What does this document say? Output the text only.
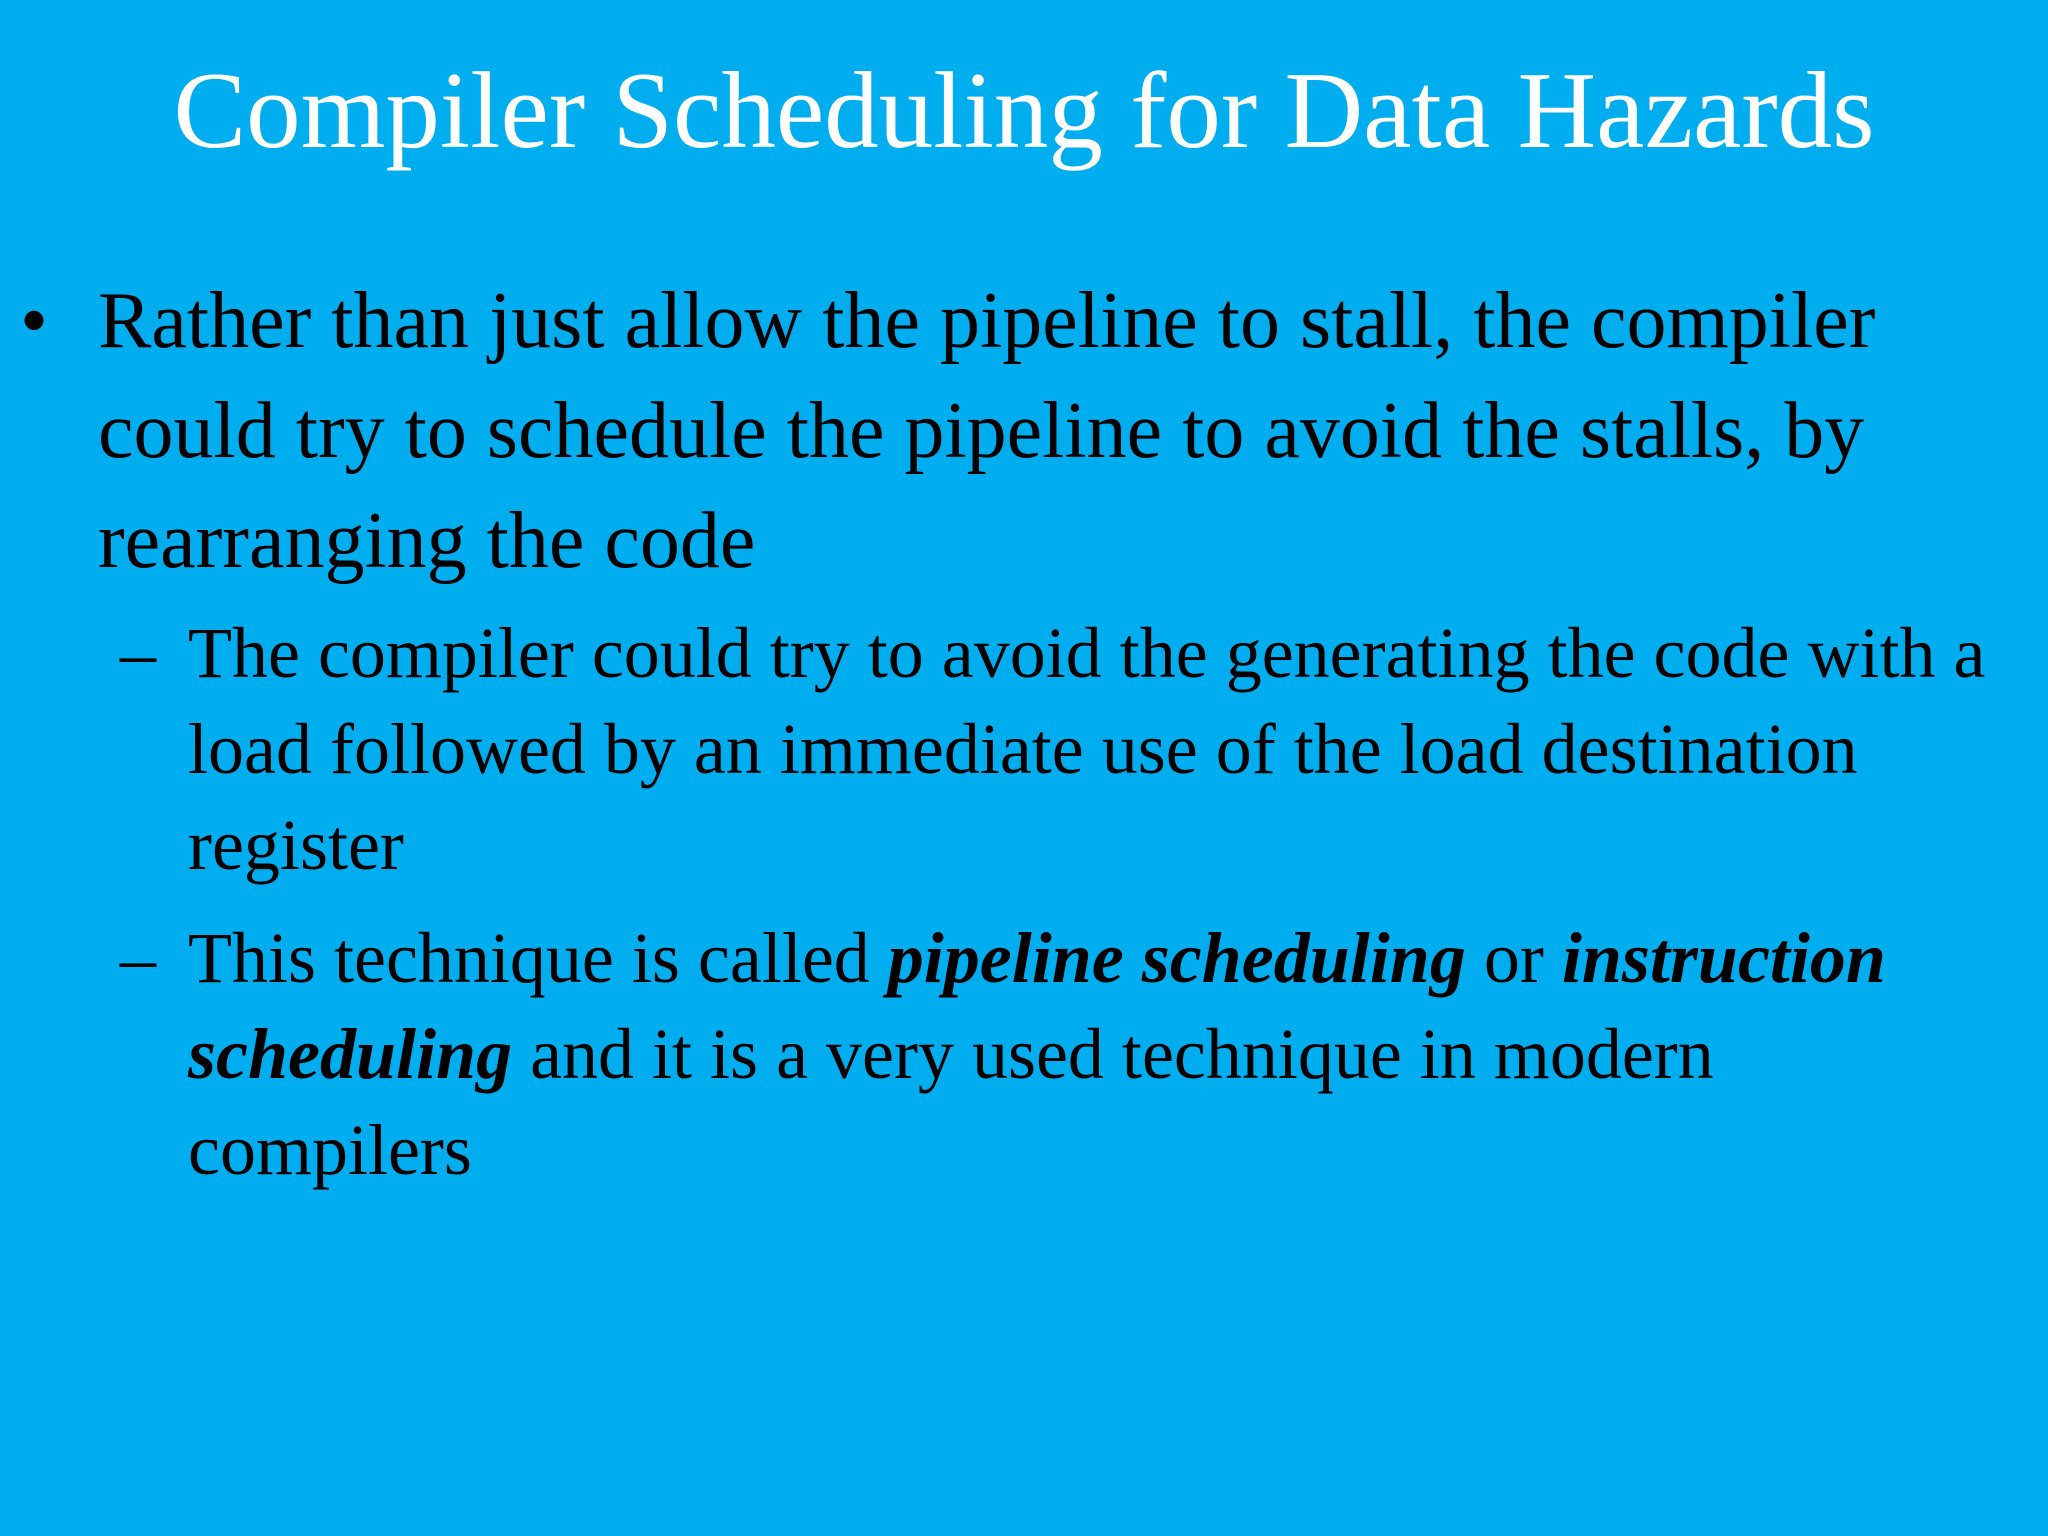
Compiler Scheduling for Data Hazards
• Rather than just allow the pipeline to stall, the compiler could try to schedule the pipeline to avoid the stalls, by rearranging the code
– The compiler could try to avoid the generating the code with a load followed by an immediate use of the load destination register
– This technique is called pipeline scheduling or instruction scheduling and it is a very used technique in modern compilers
